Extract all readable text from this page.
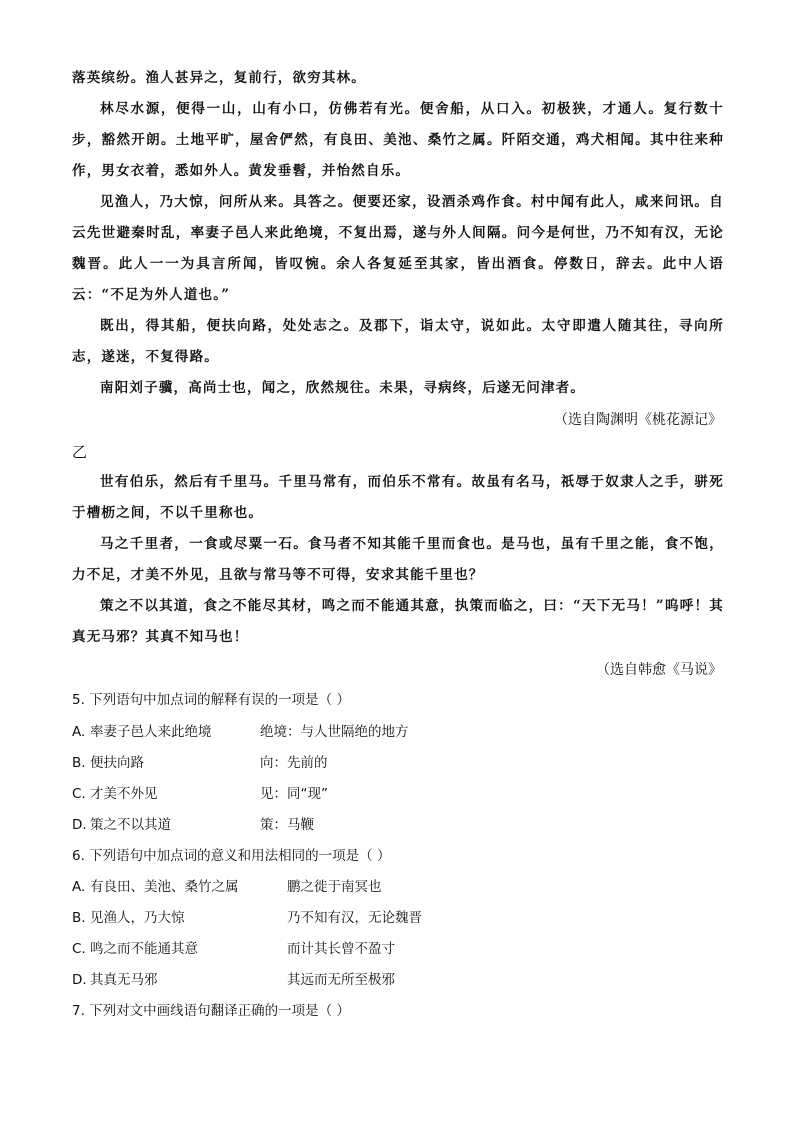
落英缤纷。渔人甚异之，复前行，欲穷其林。

林尽水源，便得一山，山有小口，仿佛若有光。便舍船，从口入。初极狭，才通人。复行数十步，豁然开朗。土地平旷，屋舍俨然，有良田、美池、桑竹之属。阡陌交通，鸡犬相闻。其中往来种作，男女衣着，悉如外人。黄发垂髫，并怡然自乐。

见渔人，乃大惊，问所从来。具答之。便要还家，设酒杀鸡作食。村中闻有此人，咸来问讯。自云先世避秦时乱，率妻子邑人来此绝境，不复出焉，遂与外人间隔。问今是何世，乃不知有汉，无论魏晋。此人一一为具言所闻，皆叹惋。余人各复延至其家，皆出酒食。停数日，辞去。此中人语云：“不足为外人道也。”

既出，得其船，便扶向路，处处志之。及郡下，诣太守，说如此。太守即遣人随其往，寻向所志，遂迷，不复得路。

南阳刘子骥，高尚士也，闻之，欣然规往。未果，寻病终，后遂无问津者。

（选自陶渊明《桃花源记》
乙

世有伯乐，然后有千里马。千里马常有，而伯乐不常有。故虽有名马，祇辱于奴隶人之手，骈死于槽枥之间，不以千里称也。

马之千里者，一食或尽粟一石。食马者不知其能千里而食也。是马也，虽有千里之能，食不饱，力不足，才美不外见，且欲与常马等不可得，安求其能千里也？

策之不以其道，食之不能尽其材，鸣之而不能通其意，执策而临之，曰：“天下无马！”呜呼！其真无马邪？其真不知马也！

（选自韩愈《马说》
5. 下列语句中加点词的解释有误的一项是（ ）
A. 率妻子邑人来此绝境	绝境：与人世隔绝的地方
B. 便扶向路	向：先前的
C. 才美不外见	见：同“现”
D. 策之不以其道	策：马鞭
6. 下列语句中加点词的意义和用法相同的一项是（ ）
A. 有良田、美池、桑竹之属	鹏之徙于南冥也
B. 见渔人，乃大惊	乃不知有汉，无论魏晋
C. 鸣之而不能通其意	而计其长曾不盈寸
D. 其真无马邪	其远而无所至极邪
7. 下列对文中画线语句翻译正确的一项是（ ）
